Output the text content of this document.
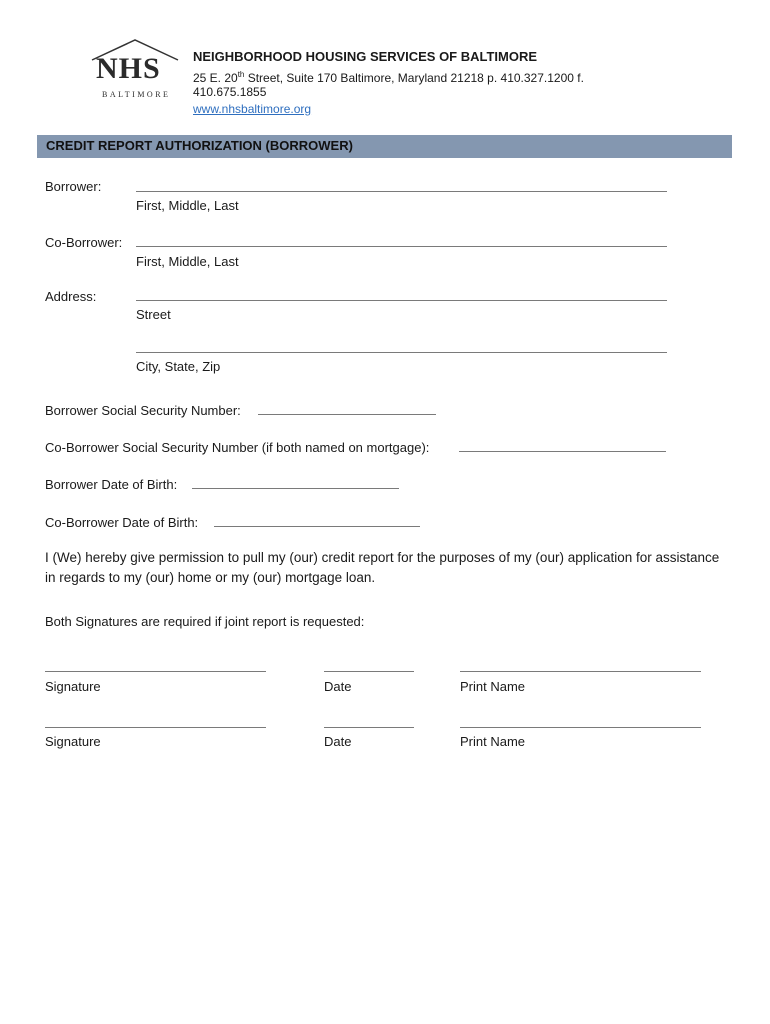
NHS
BALTIMORE
NEIGHBORHOOD HOUSING SERVICES OF BALTIMORE
25 E. 20th Street, Suite 170 Baltimore, Maryland 21218 p. 410.327.1200 f.
410.675.1855
www.nhsbaltimore.org
CREDIT REPORT AUTHORIZATION (BORROWER)
Borrower:
First, Middle, Last
Co-Borrower:
First, Middle, Last
Address:
Street
City, State, Zip
Borrower Social Security Number:
Co-Borrower Social Security Number (if both named on mortgage):
Borrower Date of Birth:
Co-Borrower Date of Birth:
I (We) hereby give permission to pull my (our) credit report for the purposes of my (our) application for assistance in regards to my (our) home or my (our) mortgage loan.
Both Signatures are required if joint report is requested:
Signature	Date	Print Name
Signature	Date	Print Name
